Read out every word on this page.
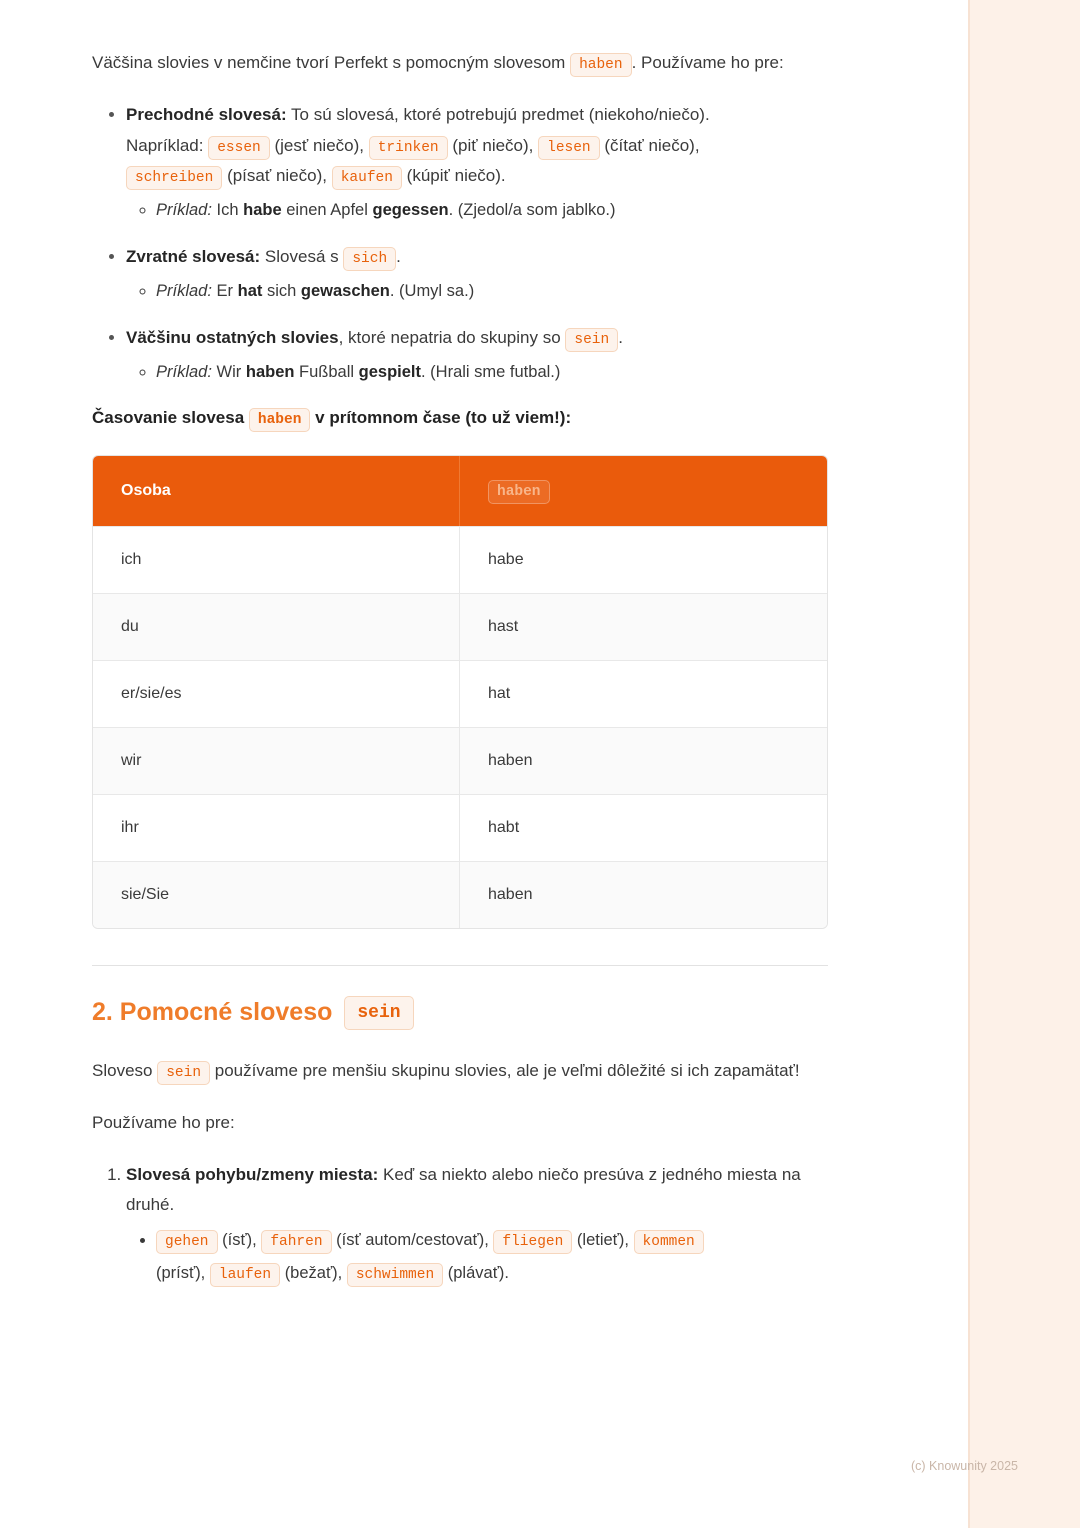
Väčšina slovies v nemčine tvorí Perfekt s pomocným slovesom haben . Používame ho pre:

• Prechodné slovesá: To sú slovesá, ktoré potrebujú predmet (niekoho/niečo).
Napríklad: essen (jesť niečo), trinken (piť niečo), lesen (čítať niečo),
schreiben (písať niečo), kaufen (kúpiť niečo).
◦ Príklad: Ich habe einen Apfel gegessen. (Zjedol/a som jablko.)
• Zvratné slovesá: Slovesá s sich .
◦ Príklad: Er hat sich gewaschen. (Umyl sa.)
• Väčšinu ostatných slovies, ktoré nepatria do skupiny so sein .
◦ Príklad: Wir haben Fußball gespielt. (Hrali sme futbal.)

Časovanie slovesa haben v prítomnom čase (to už viem!):

Osoba	haben
ich	habe
du	hast
er/sie/es	hat
wir	haben
ihr	habt
sie/Sie	haben
2. Pomocné sloveso	sein

Sloveso sein používame pre menšiu skupinu slovies, ale je veľmi dôležité si ich zapamätať!

Používame ho pre:

1. Slovesá pohybu/zmeny miesta: Keď sa niekto alebo niečo presúva z jedného miesta na druhé.
• gehen (ísť), fahren (ísť autom/cestovať), fliegen (letieť), kommen
(prísť), laufen (bežať), schwimmen (plávať).
(c) Knowunity 2025
